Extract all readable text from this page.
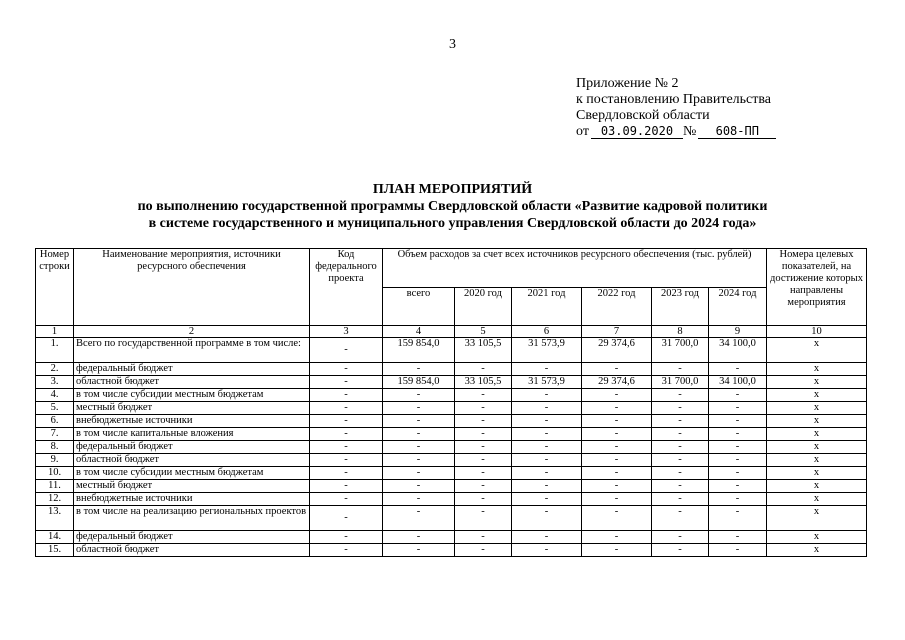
3
Приложение № 2
к постановлению Правительства
Свердловской области
от 03.09.2020 № 608-ПП
ПЛАН МЕРОПРИЯТИЙ
по выполнению государственной программы Свердловской области «Развитие кадровой политики
в системе государственного и муниципального управления Свердловской области до 2024 года»
Номер строки	Наименование мероприятия, источники ресурсного обеспечения	Код федерального проекта	Объем расходов за счет всех источников ресурсного обеспечения (тыс. рублей)						Номера целевых показателей, на достижение которых направлены мероприятия
			всего	2020 год	2021 год	2022 год	2023 год	2024 год	
1	2	3	4	5	6	7	8	9	10
1.	Всего по государственной программе в том числе:	-	159 854,0	33 105,5	31 573,9	29 374,6	31 700,0	34 100,0	x
2.	федеральный бюджет	-	-	-	-	-	-	-	x
3.	областной бюджет	-	159 854,0	33 105,5	31 573,9	29 374,6	31 700,0	34 100,0	x
4.	в том числе субсидии местным бюджетам	-	-	-	-	-	-	-	x
5.	местный бюджет	-	-	-	-	-	-	-	x
6.	внебюджетные источники	-	-	-	-	-	-	-	x
7.	в том числе капитальные вложения	-	-	-	-	-	-	-	x
8.	федеральный бюджет	-	-	-	-	-	-	-	x
9.	областной бюджет	-	-	-	-	-	-	-	x
10.	в том числе субсидии местным бюджетам	-	-	-	-	-	-	-	x
11.	местный бюджет	-	-	-	-	-	-	-	x
12.	внебюджетные источники	-	-	-	-	-	-	-	x
13.	в том числе на реализацию региональных проектов	-	-	-	-	-	-	-	x
14.	федеральный бюджет	-	-	-	-	-	-	-	x
15.	областной бюджет	-	-	-	-	-	-	-	x
